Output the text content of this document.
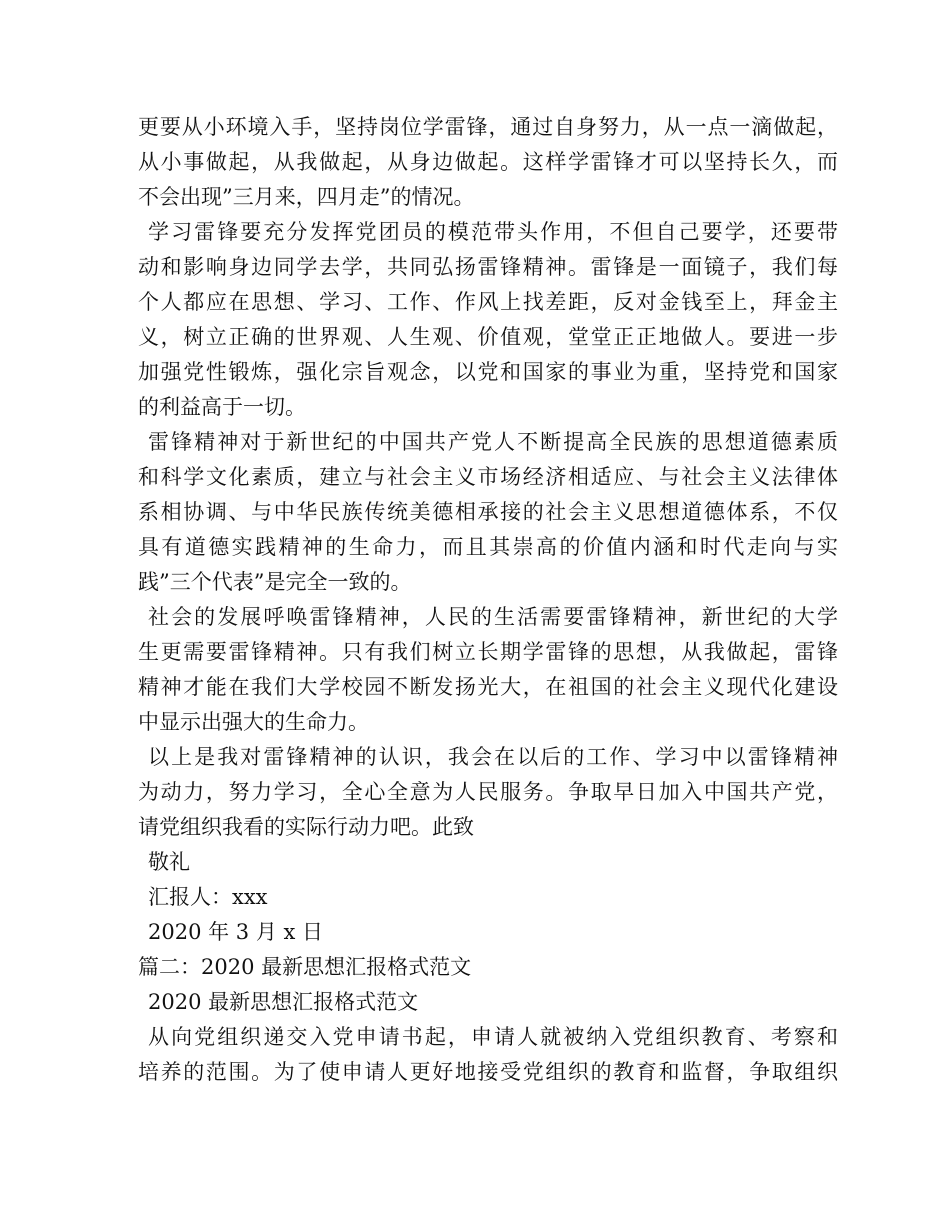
更要从小环境入手，坚持岗位学雷锋，通过自身努力，从一点一滴做起，

从小事做起，从我做起，从身边做起。这样学雷锋才可以坚持长久，而

不会出现”三月来，四月走”的情况。

学习雷锋要充分发挥党团员的模范带头作用，不但自己要学，还要带

动和影响身边同学去学，共同弘扬雷锋精神。雷锋是一面镜子，我们每

个人都应在思想、学习、工作、作风上找差距，反对金钱至上，拜金主

义，树立正确的世界观、人生观、价值观，堂堂正正地做人。要进一步

加强党性锻炼，强化宗旨观念，以党和国家的事业为重，坚持党和国家

的利益高于一切。

雷锋精神对于新世纪的中国共产党人不断提高全民族的思想道德素质

和科学文化素质，建立与社会主义市场经济相适应、与社会主义法律体

系相协调、与中华民族传统美德相承接的社会主义思想道德体系，不仅

具有道德实践精神的生命力，而且其崇高的价值内涵和时代走向与实

践”三个代表”是完全一致的。

社会的发展呼唤雷锋精神，人民的生活需要雷锋精神，新世纪的大学

生更需要雷锋精神。只有我们树立长期学雷锋的思想，从我做起，雷锋

精神才能在我们大学校园不断发扬光大，在祖国的社会主义现代化建设

中显示出强大的生命力。

以上是我对雷锋精神的认识，我会在以后的工作、学习中以雷锋精神

为动力，努力学习，全心全意为人民服务。争取早日加入中国共产党，

请党组织我看的实际行动力吧。此致

敬礼

汇报人：xxx

2020 年 3 月 x 日

篇二：2020 最新思想汇报格式范文

2020 最新思想汇报格式范文

从向党组织递交入党申请书起，申请人就被纳入党组织教育、考察和

培养的范围。为了使申请人更好地接受党组织的教育和监督，争取组织
